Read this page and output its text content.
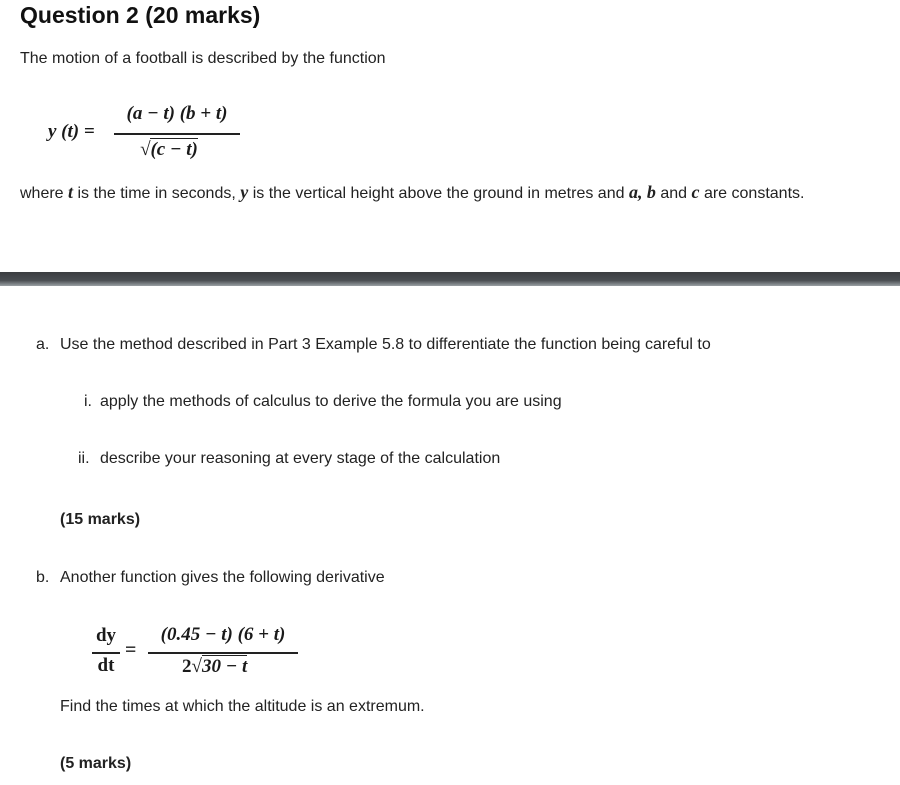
Question 2 (20 marks)
The motion of a football is described by the function
y (t) =
(a − t) (b + t)
√(c − t)
where t is the time in seconds, y is the vertical height above the ground in metres and a, b and c are constants.
a. Use the method described in Part 3 Example 5.8 to differentiate the function being careful to
i. apply the methods of calculus to derive the formula you are using
ii. describe your reasoning at every stage of the calculation
(15 marks)
b. Another function gives the following derivative
dy
dt
=
(0.45 − t) (6 + t)
2√30 − t
Find the times at which the altitude is an extremum.
(5 marks)
